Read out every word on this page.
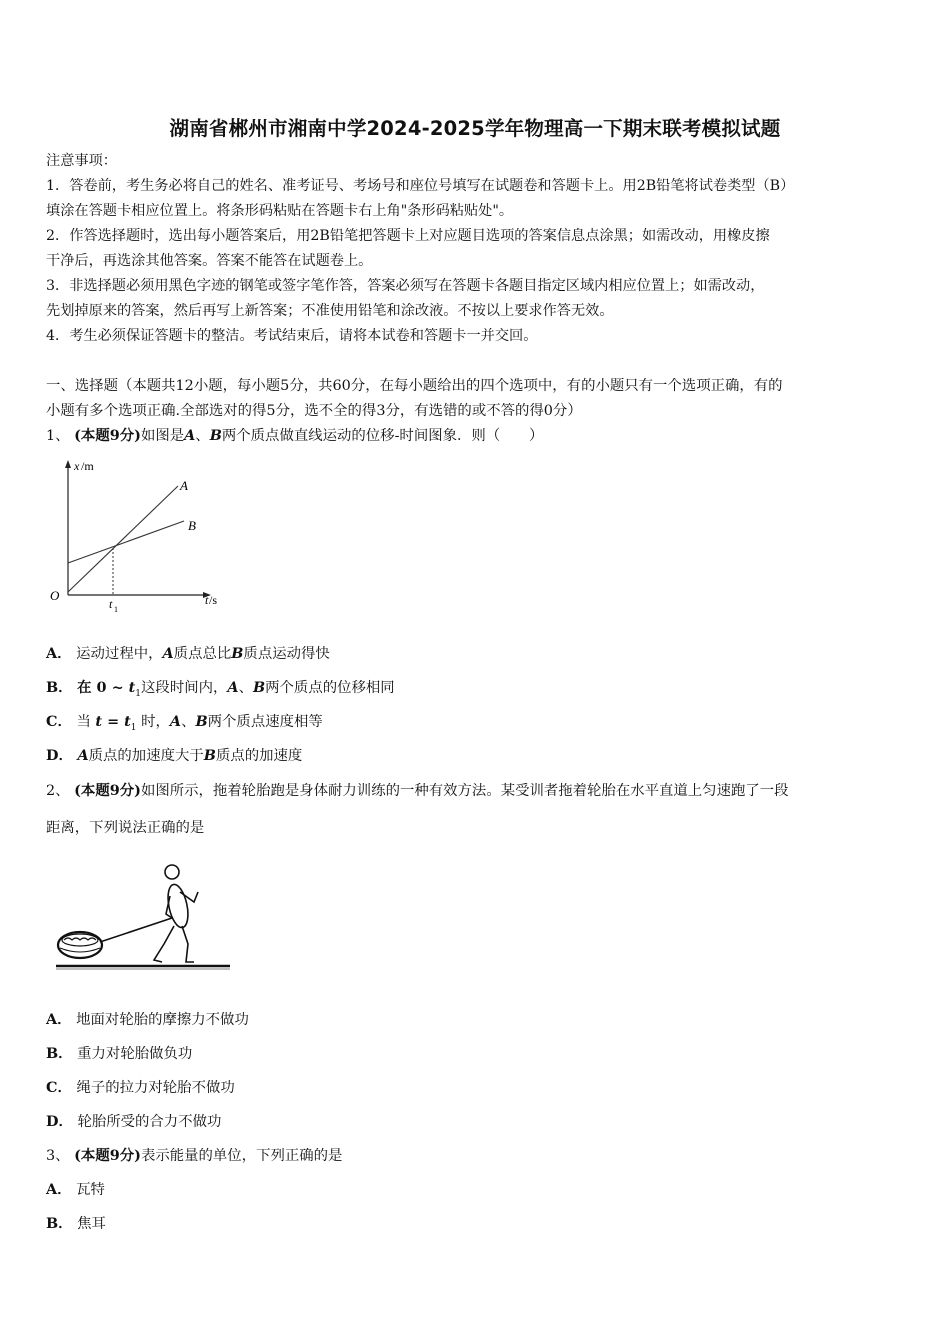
湖南省郴州市湘南中学2024-2025学年物理高一下期末联考模拟试题
注意事项：
1．答卷前，考生务必将自己的姓名、准考证号、考场号和座位号填写在试题卷和答题卡上。用2B铅笔将试卷类型（B）
填涂在答题卡相应位置上。将条形码粘贴在答题卡右上角"条形码粘贴处"。
2．作答选择题时，选出每小题答案后，用2B铅笔把答题卡上对应题目选项的答案信息点涂黑；如需改动，用橡皮擦
干净后，再选涂其他答案。答案不能答在试题卷上。
3．非选择题必须用黑色字迹的钢笔或签字笔作答，答案必须写在答题卡各题目指定区域内相应位置上；如需改动，
先划掉原来的答案，然后再写上新答案；不准使用铅笔和涂改液。不按以上要求作答无效。
4．考生必须保证答题卡的整洁。考试结束后，请将本试卷和答题卡一并交回。
一、选择题（本题共12小题，每小题5分，共60分，在每小题给出的四个选项中，有的小题只有一个选项正确，有的
小题有多个选项正确.全部选对的得5分，选不全的得3分，有选错的或不答的得0分）
1、 (本题9分)如图是A、B两个质点做直线运动的位移-时间图象．则（　　）
x /m
t /s
O
t 1
A
B
A． 运动过程中，A质点总比B质点运动得快
B． 在 0 ~ $t_1$这段时间内，A、B两个质点的位移相同
C． 当 $t = t_1$ 时，A、B两个质点速度相等
D． A质点的加速度大于B质点的加速度
2、 (本题9分)如图所示，拖着轮胎跑是身体耐力训练的一种有效方法。某受训者拖着轮胎在水平直道上匀速跑了一段
距离，下列说法正确的是
A． 地面对轮胎的摩擦力不做功
B． 重力对轮胎做负功
C． 绳子的拉力对轮胎不做功
D． 轮胎所受的合力不做功
3、 (本题9分)表示能量的单位，下列正确的是
A． 瓦特
B． 焦耳
